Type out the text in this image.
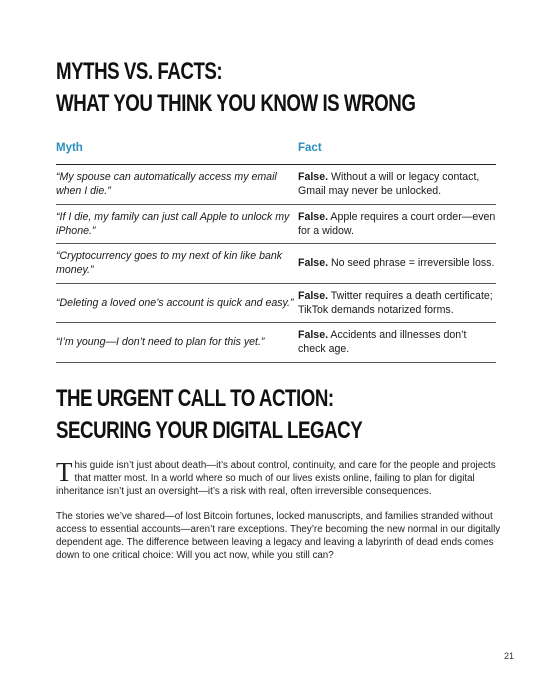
MYTHS VS. FACTS:
WHAT YOU THINK YOU KNOW IS WRONG
Myth	Fact
“My spouse can automatically access my email when I die.”
False. Without a will or legacy contact, Gmail may never be unlocked.
“If I die, my family can just call Apple to unlock my iPhone.”
False. Apple requires a court order—even for a widow.
“Cryptocurrency goes to my next of kin like bank money.”
False. No seed phrase = irreversible loss.
“Deleting a loved one’s account is quick and easy.”
False. Twitter requires a death certificate; TikTok demands notarized forms.
“I’m young—I don’t need to plan for this yet.”
False. Accidents and illnesses don’t check age.
THE URGENT CALL TO ACTION:
SECURING YOUR DIGITAL LEGACY

This guide isn’t just about death—it’s about control, continuity, and care for the people and projects that matter most. In a world where so much of our lives exists online, failing to plan for digital inheritance isn’t just an oversight—it’s a risk with real, often irreversible consequences.

The stories we’ve shared—of lost Bitcoin fortunes, locked manuscripts, and families stranded without access to essential accounts—aren’t rare exceptions. They’re becoming the new normal in our digitally dependent age. The difference between leaving a legacy and leaving a labyrinth of dead ends comes down to one critical choice: Will you act now, while you still can?

21
